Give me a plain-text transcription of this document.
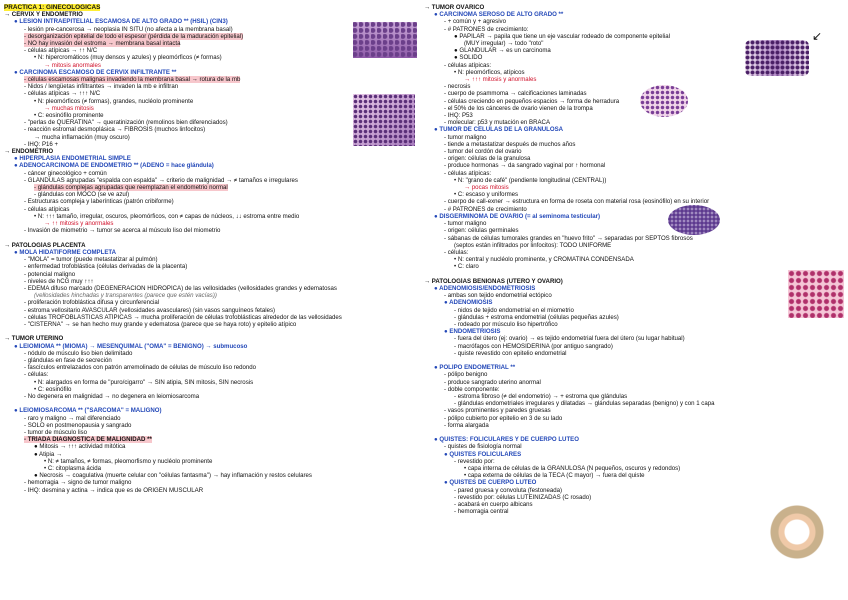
PRÁCTICA 1: GINECOLÓGICAS
→ CÉRVIX Y ENDOMETRIO
● LESIÓN INTRAEPITELIAL ESCAMOSA DE ALTO GRADO ** (HSIL) (CIN3)
- lesión pre-cancerosa → neoplasia IN SITU (no afecta a la membrana basal)
- desorganización epitelial de todo el espesor (pérdida de la maduración epitelial)
- NO hay invasión del estroma → membrana basal intacta
- células atípicas → ↑↑ N/C
• N: hipercromáticos (muy densos y azules) y pleomórficos (≠ formas)
→ mitosis anormales
● CARCINOMA ESCAMOSO DE CÉRVIX INFILTRANTE **
- células escamosas malignas invadiendo la membrana basal → rotura de la mb
- Nidos / lengüetas infiltrantes → invaden la mb e infiltran
- células atípicas → ↑↑↑ N/C
• N: pleomórficos (≠ formas), grandes, nucléolo prominente
→ muchas mitosis
• C: eosinófilo prominente
- "perlas de QUERATINA" → queratinización (remolinos bien diferenciados)
- reacción estromal desmoplásica → FIBROSIS (muchos linfocitos)
→ mucha inflamación (muy oscuro)
- IHQ: P16 +
→ ENDOMETRIO
● HIPERPLASIA ENDOMETRIAL SIMPLE
● ADENOCARCINOMA DE ENDOMETRIO ** (ADENO = hace glándula)
- cáncer ginecológico + común
- GLÁNDULAS agrupadas "espalda con espalda" → criterio de malignidad → ≠ tamaños e irregulares
- glándulas complejas agrupadas que reemplazan el endometrio normal
- glándulas con MOCO (se ve azul)
- Estructuras compleja y laberínticas (patrón cribiforme)
- células atípicas
• N: ↑↑↑ tamaño, irregular, oscuros, pleomórficos, con ≠ capas de núcleos, ↓↓ estroma entre medio
→ ↑↑ mitosis y anormales
- Invasión de miometrio → tumor se acerca al músculo liso del miometrio

→ PATOLOGÍAS PLACENTA
● MOLA HIDATIFORME COMPLETA
- "MOLA" = tumor (puede metastatizar al pulmón)
- enfermedad trofoblástica (células derivadas de la placenta)
- potencial maligno
- niveles de hCG muy ↑↑↑
- EDEMA difuso marcado (DEGENERACIÓN HIDRÓPICA) de las vellosidades (vellosidades grandes y edematosas
(vellosidades hinchadas y transparentes (parece que estén vacías))
- proliferación trofoblástica difusa y circunferencial
- estroma vellositario AVASCULAR (vellosidades avasculares) (sin vasos sanguíneos fetales)
- células TROFOBLÁSTICAS ATÍPICAS → mucha proliferación de células trofoblásticas alrededor de las vellosidades
- "CISTERNA" → se han hecho muy grande y edematosa (parece que se haya roto) y epitelio atípico

→ TUMOR UTERINO
● LEIOMIOMA ** (MIOMA) → MESENQUIMAL ("OMA" = BENIGNO) → submucoso
- nódulo de músculo liso bien delimitado
- glándulas en fase de secreción
- fascículos entrelazados con patrón arremolinado de células de músculo liso redondo
- células:
• N: alargados en forma de "puro/cigarro" → SIN atipia, SIN mitosis, SIN necrosis
• C: eosinófilo
- No degenera en malignidad → no degenera en leiomiosarcoma

● LEIOMIOSARCOMA ** ("SARCOMA" = MALIGNO)
- raro y maligno → mal diferenciado
- SÓLO en postmenopausia y sangrado
- tumor de músculo liso
- TRÍADA DIAGNÓSTICA DE MALIGNIDAD **
● Mitosis → ↑↑↑ actividad mitótica
● Atipia →
• N: ≠ tamaños, ≠ formas, pleomorfismo y nucléolo prominente
• C: citoplasma ácida
● Necrosis → coagulativa (muerte celular con "células fantasma") → hay inflamación y restos celulares
- hemorragia → signo de tumor maligno
- IHQ: desmina y actina → indica que es de ORIGEN MUSCULAR
→ TUMOR OVÁRICO
● CARCINOMA SEROSO DE ALTO GRADO **
- + común y + agresivo
- # PATRONES de crecimiento:
● PAPILAR → papila que tiene un eje vascular rodeado de componente epitelial
(MUY irregular) → todo "roto"
● GLANDULAR → es un carcinoma
● SÓLIDO
- células atípicas:
• N: pleomórficos, atípicos
→ ↑↑↑ mitosis y anormales
- necrosis
- cuerpo de psammoma → calcificaciones laminadas
- células creciendo en pequeños espacios → forma de herradura
- el 50% de los cánceres de ovario vienen de la trompa
- IHQ: P53
- molecular: p53 y mutación en BRACA
● TUMOR DE CÉLULAS DE LA GRANULOSA
- tumor maligno
- tiende a metastatizar después de muchos años
- tumor del cordón del ovario
- origen: células de la granulosa
- produce hormonas → da sangrado vaginal por ↑ hormonal
- células atípicas:
• N: "grano de café" (pendiente longitudinal (CENTRAL))
→ pocas mitosis
• C: escaso y uniformes
- cuerpo de call-exner → estructura en forma de roseta con material rosa (eosinófilo) en su interior
- # PATRONES de crecimiento
● DISGERMINOMA DE OVARIO (= al seminoma testicular)
- tumor maligno
- origen: células germinales
- sábanas de células tumorales grandes en "huevo frito" → separadas por SEPTOS fibrosos
(septos están infiltrados por linfocitos): TODO UNIFORME
- células:
• N: central y nucléolo prominente, y CROMATINA CONDENSADA
• C: claro

→ PATOLOGÍAS BENIGNAS (ÚTERO Y OVARIO)
● ADENOMIOSIS/ENDOMETRIOSIS
- ambas son tejido endometrial ectópico
● ADENOMIOSIS
- nidos de tejido endometrial en el miometrio
- glándulas + estroma endometrial (células pequeñas azules)
- rodeado por músculo liso hipertrófico
● ENDOMETRIOSIS
- fuera del útero (ej: ovario) → es tejido endometrial fuera del útero (su lugar habitual)
- macrófagos con HEMOSIDERINA (por antiguo sangrado)
- quiste revestido con epitelio endometrial

● PÓLIPO ENDOMETRIAL **
- pólipo benigno
- produce sangrado uterino anormal
- doble componente:
- estroma fibroso (≠ del endometrio) → + estroma que glándulas
- glándulas endometriales irregulares y dilatadas → glándulas separadas (benigno) y con 1 capa
- vasos prominentes y paredes gruesas
- pólipo cubierto por epitelio en 3 de su lado
- forma alargada

● QUISTES: FOLICULARES Y DE CUERPO LÚTEO
- quistes de fisiología normal
● QUISTES FOLICULARES
- revestido por:
• capa interna de células de la GRANULOSA (N pequeños, oscuros y redondos)
• capa externa de células de la TECA (C mayor) → fuera del quiste
● QUISTES DE CUERPO LÚTEO
- pared gruesa y convoluta (festoneada)
- revestido por: células LUTEINIZADAS (C rosado)
- acabará en cuerpo albicans
- hemorragia central
↙
